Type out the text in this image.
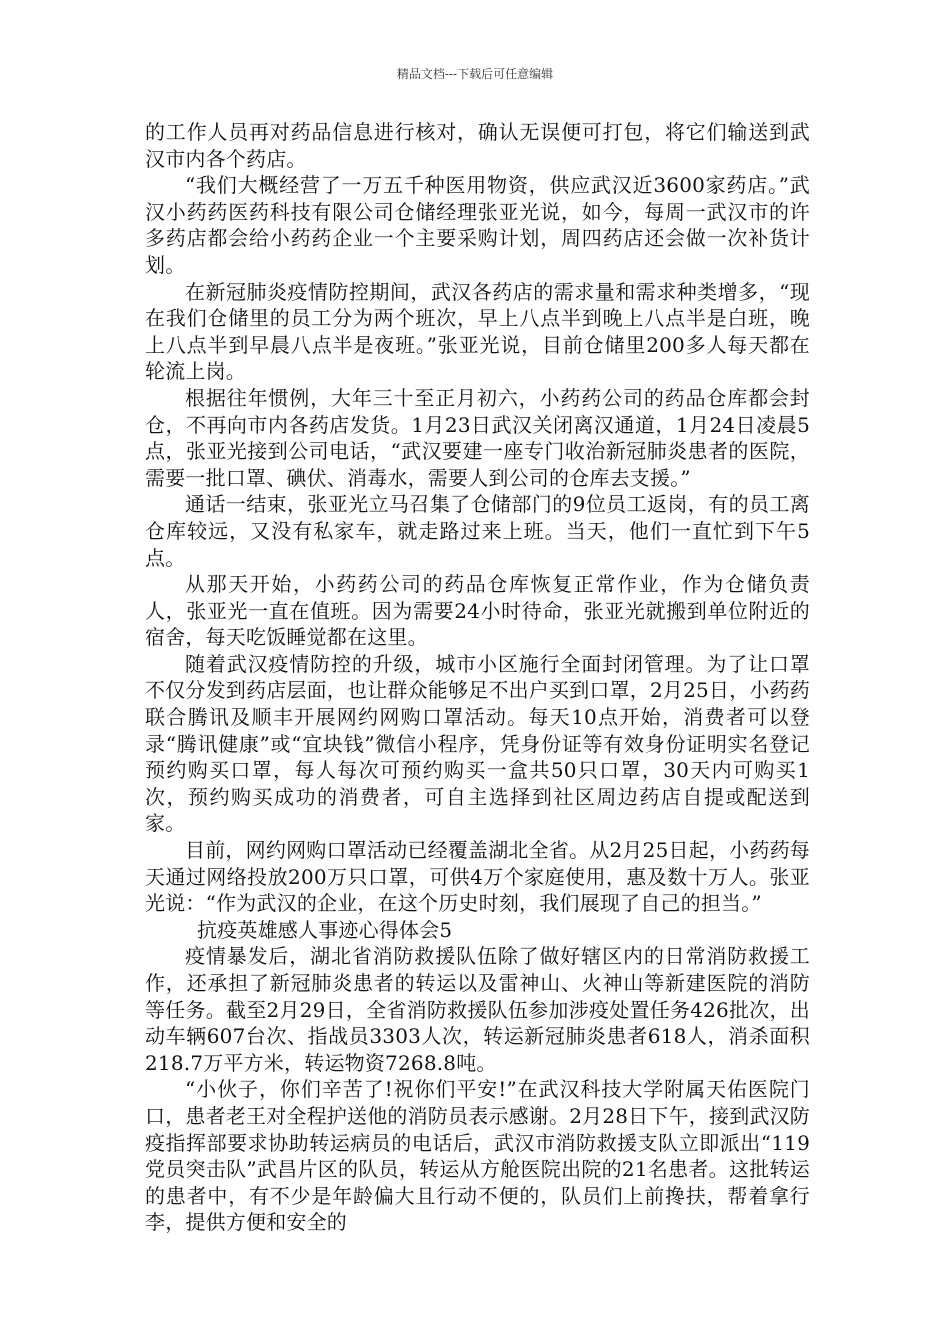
精品文档---下载后可任意编辑

的工作人员再对药品信息进行核对，确认无误便可打包，将它们输送到武汉市内各个药店。

“我们大概经营了一万五千种医用物资，供应武汉近3600家药店。”武汉小药药医药科技有限公司仓储经理张亚光说，如今，每周一武汉市的许多药店都会给小药药企业一个主要采购计划，周四药店还会做一次补货计划。

在新冠肺炎疫情防控期间，武汉各药店的需求量和需求种类增多，“现在我们仓储里的员工分为两个班次，早上八点半到晚上八点半是白班，晚上八点半到早晨八点半是夜班。”张亚光说，目前仓储里200多人每天都在轮流上岗。

根据往年惯例，大年三十至正月初六，小药药公司的药品仓库都会封仓，不再向市内各药店发货。1月23日武汉关闭离汉通道，1月24日凌晨5点，张亚光接到公司电话，“武汉要建一座专门收治新冠肺炎患者的医院，需要一批口罩、碘伏、消毒水，需要人到公司的仓库去支援。”

通话一结束，张亚光立马召集了仓储部门的9位员工返岗，有的员工离仓库较远，又没有私家车，就走路过来上班。当天，他们一直忙到下午5点。

从那天开始，小药药公司的药品仓库恢复正常作业，作为仓储负责人，张亚光一直在值班。因为需要24小时待命，张亚光就搬到单位附近的宿舍，每天吃饭睡觉都在这里。

随着武汉疫情防控的升级，城市小区施行全面封闭管理。为了让口罩不仅分发到药店层面，也让群众能够足不出户买到口罩，2月25日，小药药联合腾讯及顺丰开展网约网购口罩活动。每天10点开始，消费者可以登录“腾讯健康”或“宜块钱”微信小程序，凭身份证等有效身份证明实名登记预约购买口罩，每人每次可预约购买一盒共50只口罩，30天内可购买1次，预约购买成功的消费者，可自主选择到社区周边药店自提或配送到家。

目前，网约网购口罩活动已经覆盖湖北全省。从2月25日起，小药药每天通过网络投放200万只口罩，可供4万个家庭使用，惠及数十万人。张亚光说：“作为武汉的企业，在这个历史时刻，我们展现了自己的担当。”

抗疫英雄感人事迹心得体会5

疫情暴发后，湖北省消防救援队伍除了做好辖区内的日常消防救援工作，还承担了新冠肺炎患者的转运以及雷神山、火神山等新建医院的消防等任务。截至2月29日，全省消防救援队伍参加涉疫处置任务426批次，出动车辆607台次、指战员3303人次，转运新冠肺炎患者618人，消杀面积218.7万平方米，转运物资7268.8吨。

“小伙子，你们辛苦了!祝你们平安!”在武汉科技大学附属天佑医院门口，患者老王对全程护送他的消防员表示感谢。2月28日下午，接到武汉防疫指挥部要求协助转运病员的电话后，武汉市消防救援支队立即派出“119党员突击队”武昌片区的队员，转运从方舱医院出院的21名患者。这批转运的患者中，有不少是年龄偏大且行动不便的，队员们上前搀扶，帮着拿行李，提供方便和安全的
